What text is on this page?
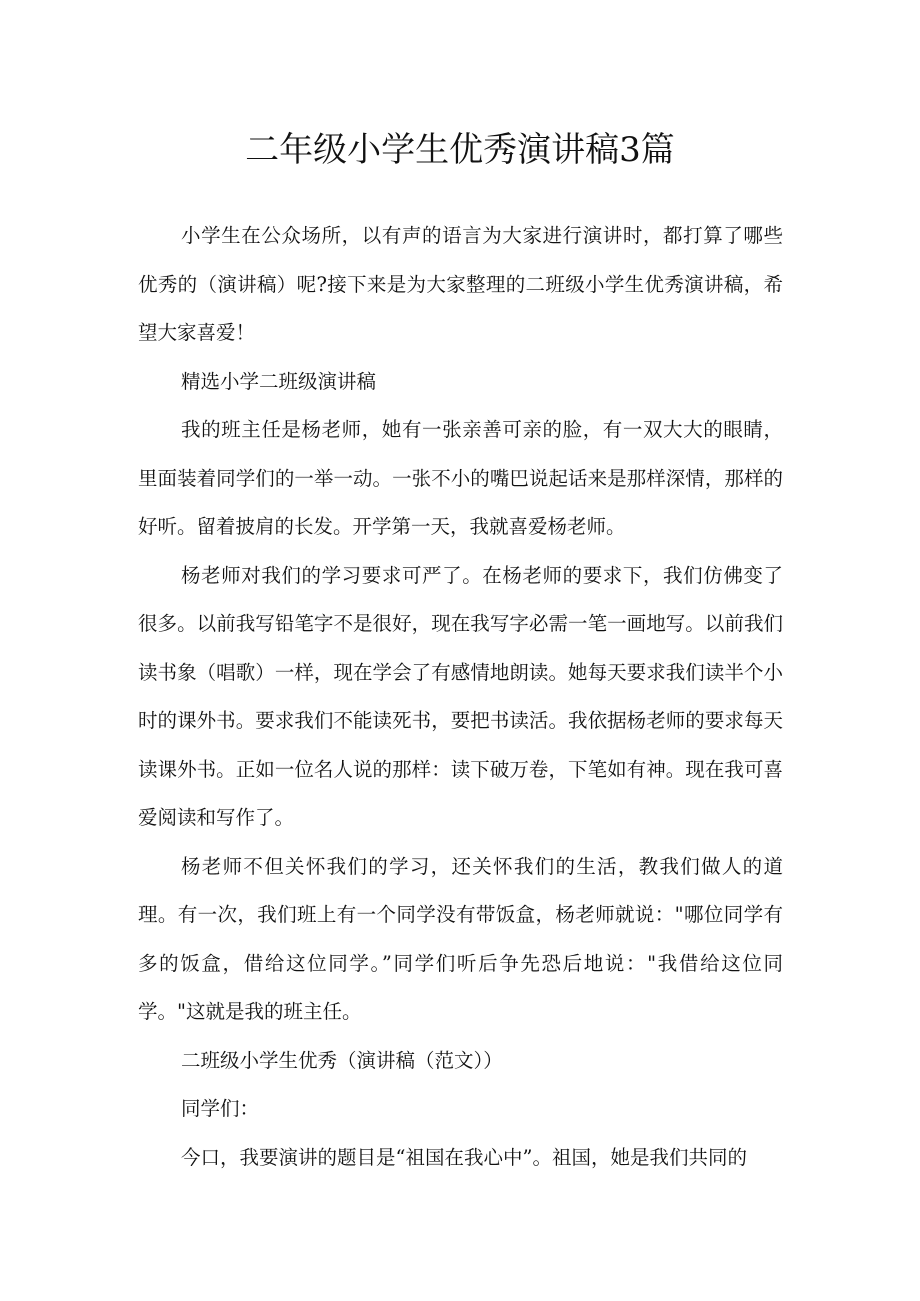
二年级小学生优秀演讲稿3篇

小学生在公众场所，以有声的语言为大家进行演讲时，都打算了哪些优秀的（演讲稿）呢?接下来是为大家整理的二班级小学生优秀演讲稿，希望大家喜爱！

精选小学二班级演讲稿

我的班主任是杨老师，她有一张亲善可亲的脸，有一双大大的眼睛，里面装着同学们的一举一动。一张不小的嘴巴说起话来是那样深情，那样的好听。留着披肩的长发。开学第一天，我就喜爱杨老师。

杨老师对我们的学习要求可严了。在杨老师的要求下，我们仿佛变了很多。以前我写铅笔字不是很好，现在我写字必需一笔一画地写。以前我们读书象（唱歌）一样，现在学会了有感情地朗读。她每天要求我们读半个小时的课外书。要求我们不能读死书，要把书读活。我依据杨老师的要求每天读课外书。正如一位名人说的那样：读下破万卷，下笔如有神。现在我可喜爱阅读和写作了。

杨老师不但关怀我们的学习，还关怀我们的生活，教我们做人的道理。有一次，我们班上有一个同学没有带饭盒，杨老师就说："哪位同学有多的饭盒，借给这位同学。”同学们听后争先恐后地说："我借给这位同学。"这就是我的班主任。

二班级小学生优秀（演讲稿（范文））

同学们：

今口，我要演讲的题目是“祖国在我心中”。祖国，她是我们共同的
